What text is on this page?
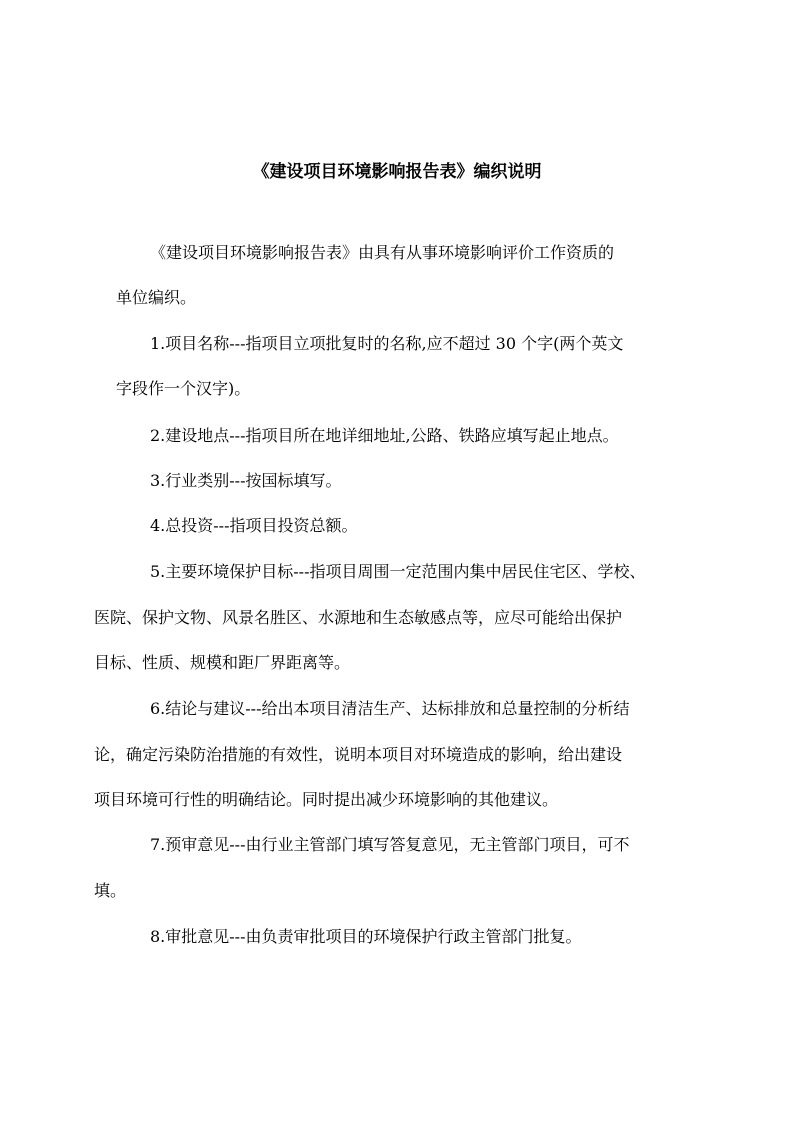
《建设项目环境影响报告表》编织说明
《建设项目环境影响报告表》由具有从事环境影响评价工作资质的
单位编织。
1.项目名称---指项目立项批复时的名称,应不超过 30 个字(两个英文
字段作一个汉字)。
2.建设地点---指项目所在地详细地址,公路、铁路应填写起止地点。
3.行业类别---按国标填写。
4.总投资---指项目投资总额。
5.主要环境保护目标---指项目周围一定范围内集中居民住宅区、学校、
医院、保护文物、风景名胜区、水源地和生态敏感点等，应尽可能给出保护
目标、性质、规模和距厂界距离等。
6.结论与建议---给出本项目清洁生产、达标排放和总量控制的分析结
论，确定污染防治措施的有效性，说明本项目对环境造成的影响，给出建设
项目环境可行性的明确结论。同时提出减少环境影响的其他建议。
7.预审意见---由行业主管部门填写答复意见，无主管部门项目，可不
填。
8.审批意见---由负责审批项目的环境保护行政主管部门批复。
